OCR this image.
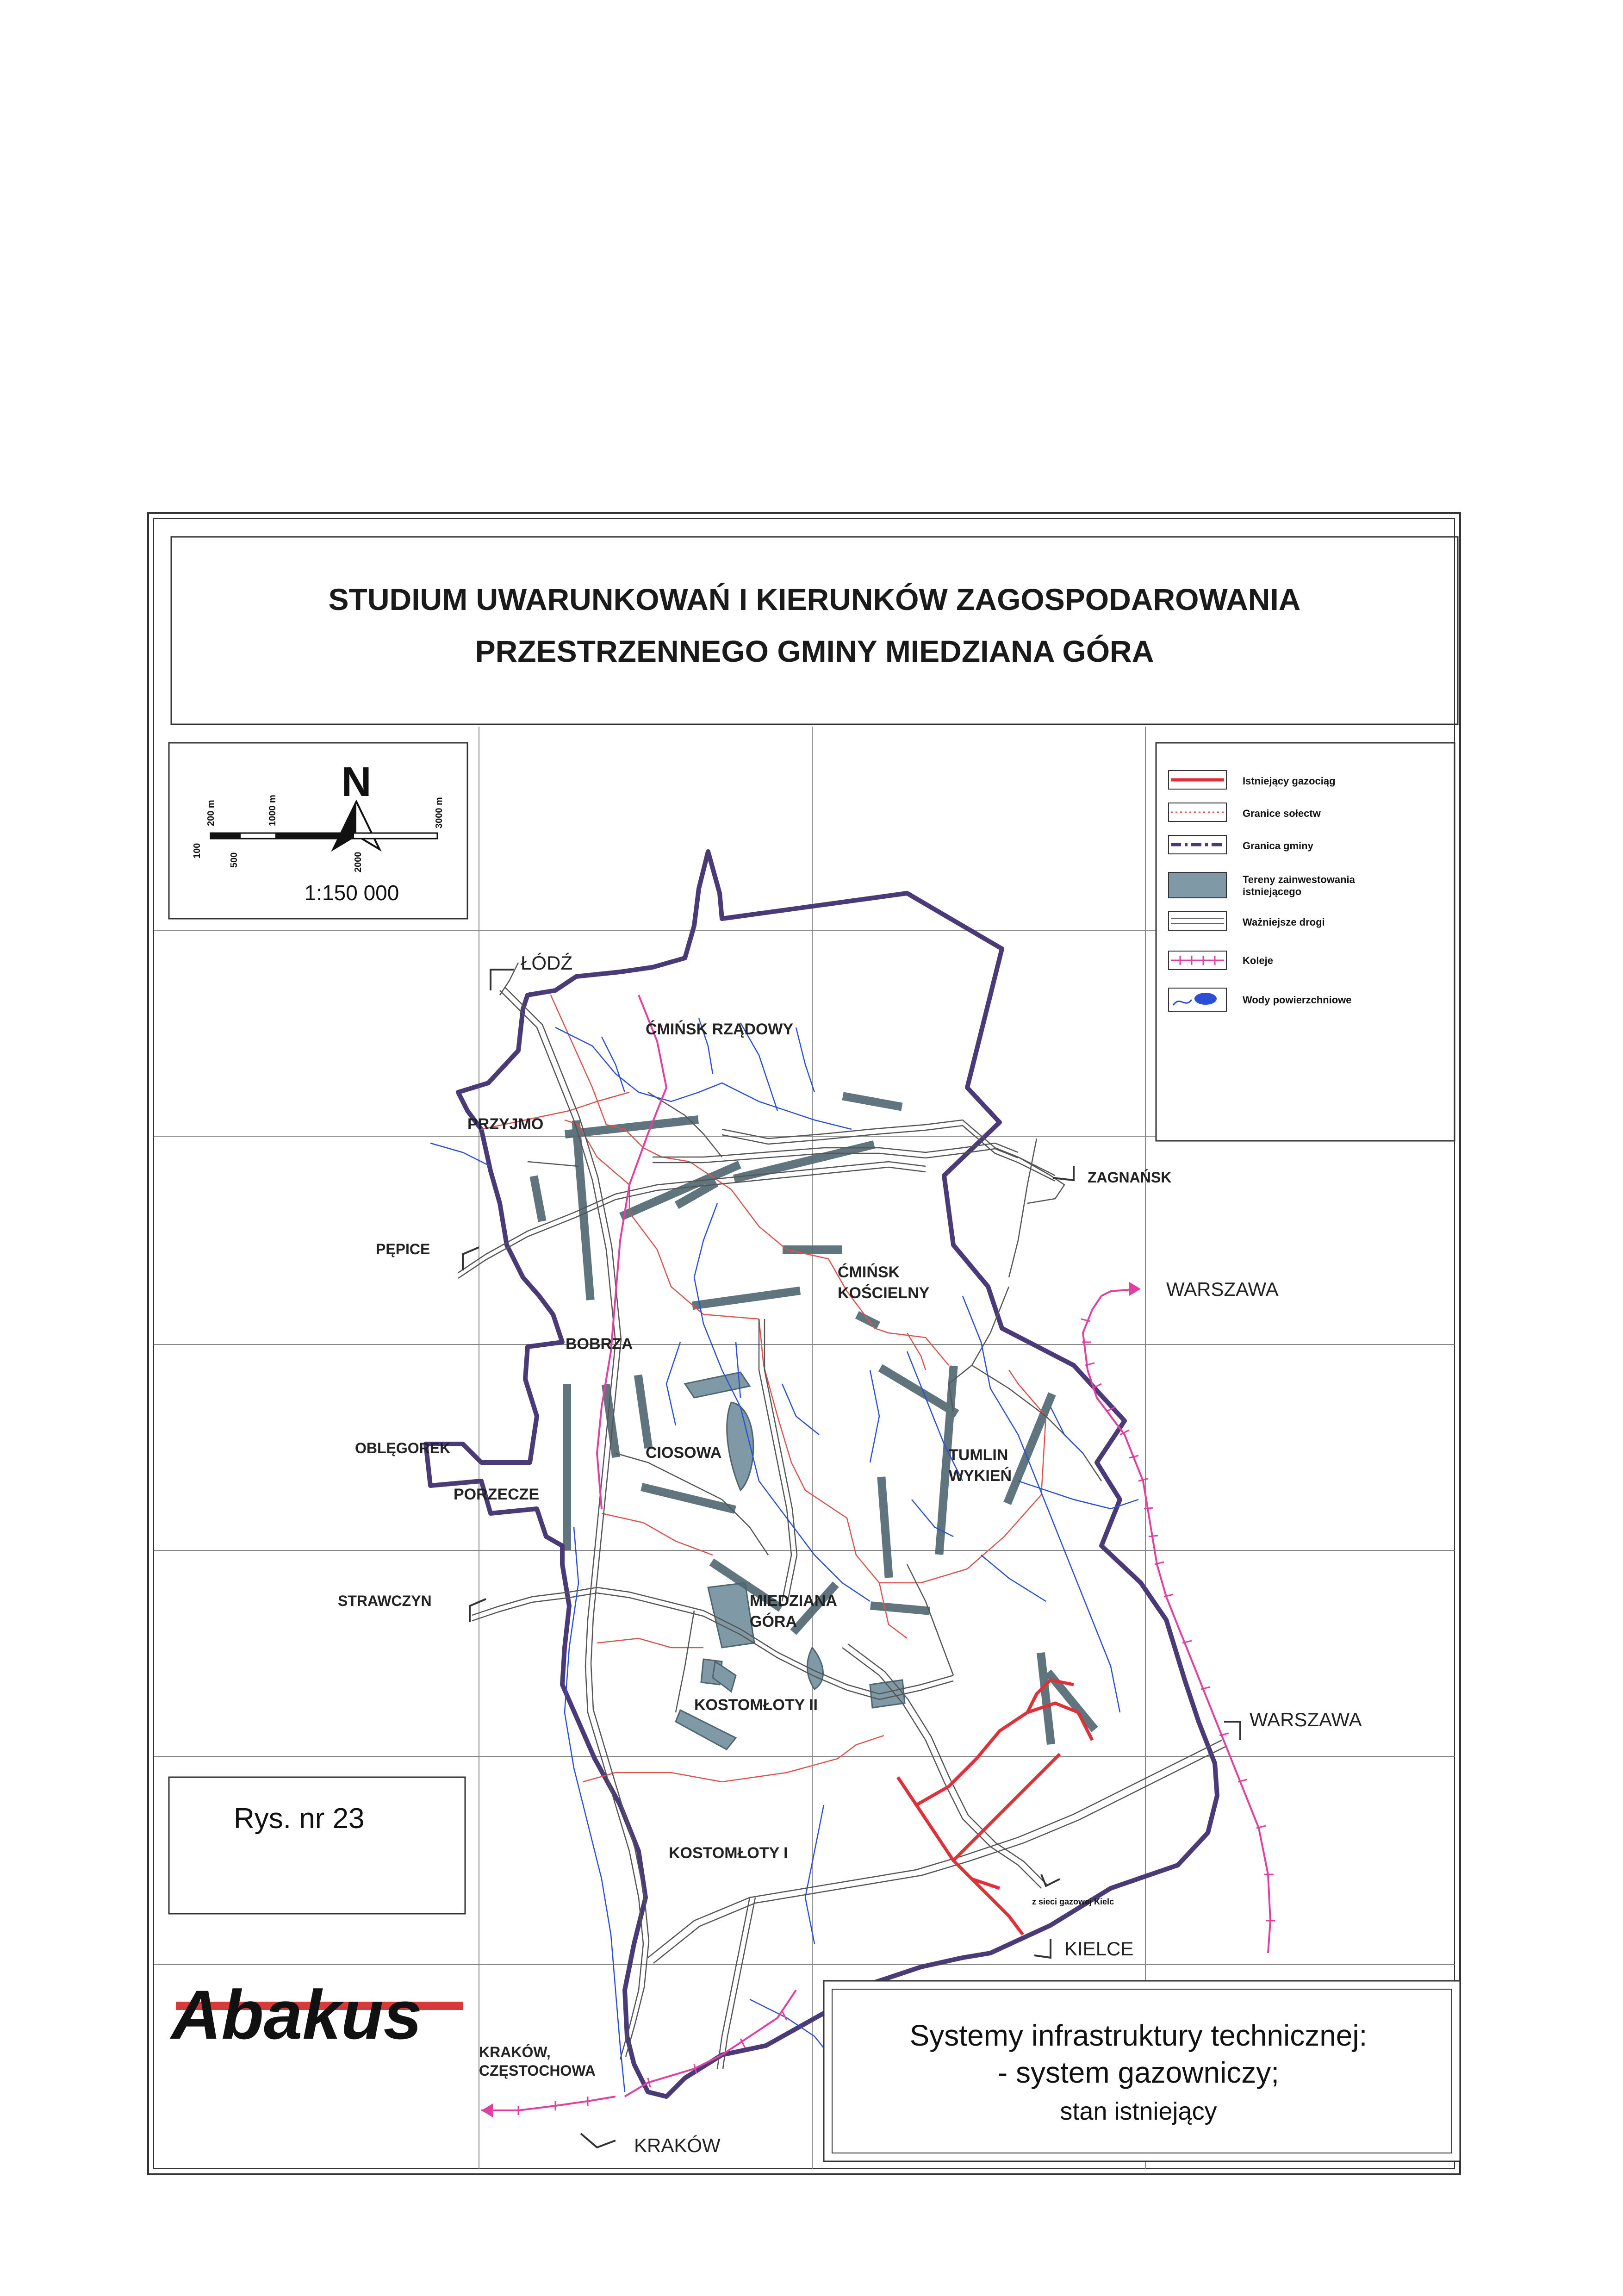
STUDIUM UWARUNKOWAŃ I KIERUNKÓW ZAGOSPODAROWANIA
PRZESTRZENNEGO GMINY MIEDZIANA GÓRA
N
100
200 m
500
1000 m
2000
3000 m
1:150 000
Istniejący gazociąg
Granice sołectw
Granica gminy
Tereny zainwestowania
istniejącego
Ważniejsze drogi
Koleje
Wody powierzchniowe
ĆMIŃSK RZĄDOWY
PRZYJMO
ĆMIŃSK
KOŚCIELNY
BOBRZA
CIOSOWA	TUMLIN
WYKIEŃ
PORZECZE
MIEDZIANA
GÓRA
KOSTOMŁOTY II
KOSTOMŁOTY I
ŁÓDŹ
ZAGNAŃSK
PĘPICE
WARSZAWA
OBLĘGOREK
STRAWCZYN
WARSZAWA
KIELCE
KRAKÓW,
CZĘSTOCHOWA
KRAKÓW
z sieci gazowej Kielc
Rys. nr 23
Abakus	Systemy infrastruktury technicznej:
- system gazowniczy;
stan istniejący
